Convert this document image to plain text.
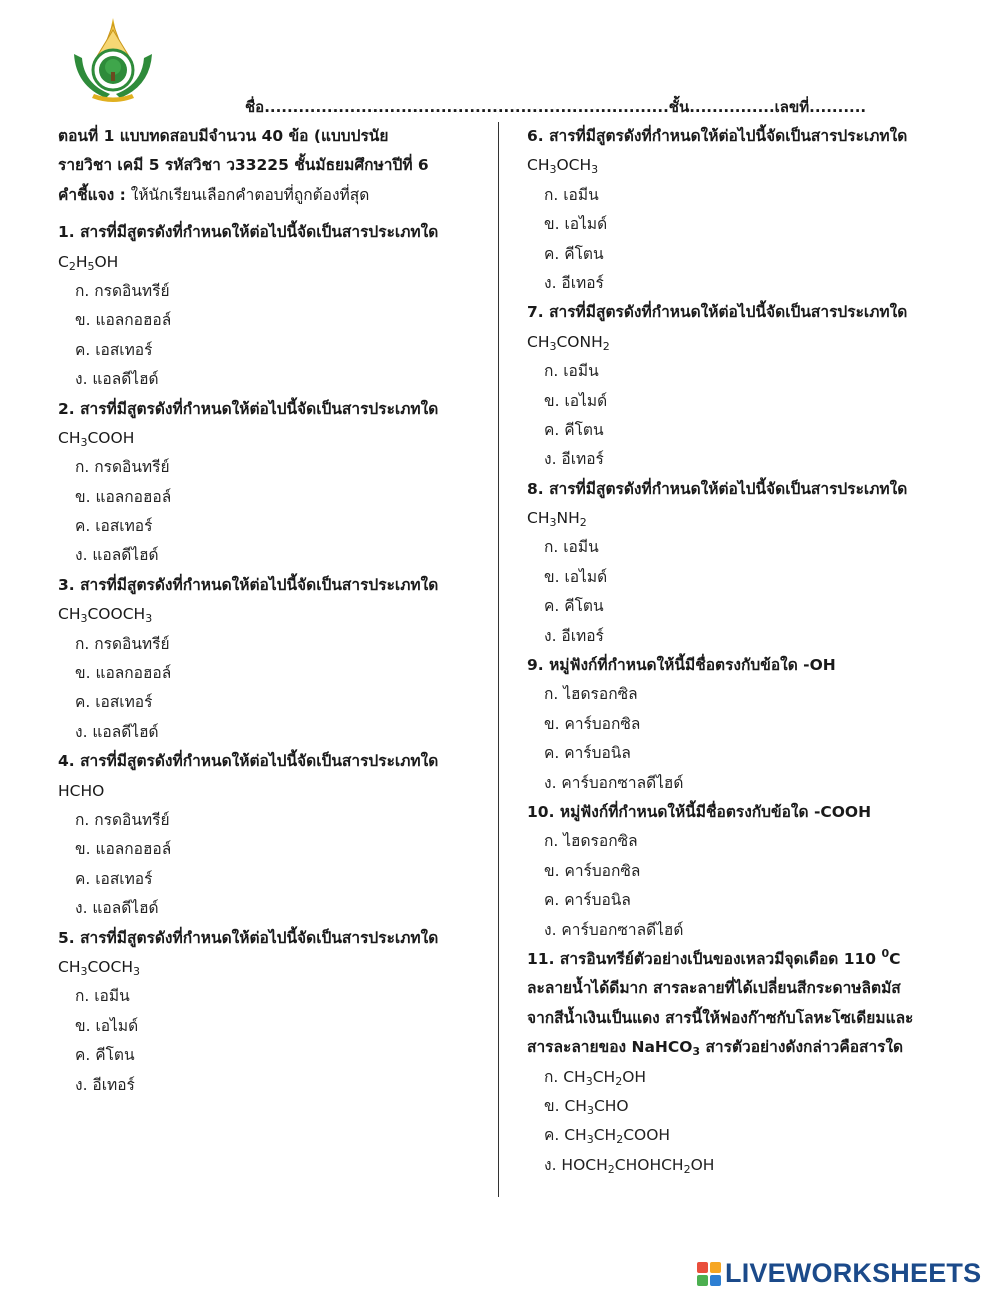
ชื่อ.......................................................................ชั้น...............เลขที่..........
ตอนที่ 1 แบบทดสอบมีจำนวน 40 ข้อ (แบบปรนัย
รายวิชา เคมี 5 รหัสวิชา ว33225 ชั้นมัธยมศึกษาปีที่ 6
คำชี้แจง : ให้นักเรียนเลือกคำตอบที่ถูกต้องที่สุด
1. สารที่มีสูตรดังที่กำหนดให้ต่อไปนี้จัดเป็นสารประเภทใด
$C_2H_5OH$
ก. กรดอินทรีย์
ข. แอลกอฮอล์
ค. เอสเทอร์
ง. แอลดีไฮด์
2. สารที่มีสูตรดังที่กำหนดให้ต่อไปนี้จัดเป็นสารประเภทใด
$CH_3COOH$
ก. กรดอินทรีย์
ข. แอลกอฮอล์
ค. เอสเทอร์
ง. แอลดีไฮด์
3. สารที่มีสูตรดังที่กำหนดให้ต่อไปนี้จัดเป็นสารประเภทใด
$CH_3COOCH_3$
ก. กรดอินทรีย์
ข. แอลกอฮอล์
ค. เอสเทอร์
ง. แอลดีไฮด์
4. สารที่มีสูตรดังที่กำหนดให้ต่อไปนี้จัดเป็นสารประเภทใด
HCHO
ก. กรดอินทรีย์
ข. แอลกอฮอล์
ค. เอสเทอร์
ง. แอลดีไฮด์
5. สารที่มีสูตรดังที่กำหนดให้ต่อไปนี้จัดเป็นสารประเภทใด
$CH_3COCH_3$
ก. เอมีน
ข. เอไมด์
ค. คีโตน
ง. อีเทอร์
6. สารที่มีสูตรดังที่กำหนดให้ต่อไปนี้จัดเป็นสารประเภทใด
$CH_3OCH_3$
ก. เอมีน
ข. เอไมด์
ค. คีโตน
ง. อีเทอร์
7. สารที่มีสูตรดังที่กำหนดให้ต่อไปนี้จัดเป็นสารประเภทใด
$CH_3CONH_2$
ก. เอมีน
ข. เอไมด์
ค. คีโตน
ง. อีเทอร์
8. สารที่มีสูตรดังที่กำหนดให้ต่อไปนี้จัดเป็นสารประเภทใด
$CH_3NH_2$
ก. เอมีน
ข. เอไมด์
ค. คีโตน
ง. อีเทอร์
9. หมู่ฟังก์ที่กำหนดให้นี้มีชื่อตรงกับข้อใด -OH
ก. ไฮดรอกซิล
ข. คาร์บอกซิล
ค. คาร์บอนิล
ง. คาร์บอกซาลดีไฮด์
10. หมู่ฟังก์ที่กำหนดให้นี้มีชื่อตรงกับข้อใด -COOH
ก. ไฮดรอกซิล
ข. คาร์บอกซิล
ค. คาร์บอนิล
ง. คาร์บอกซาลดีไฮด์
11. สารอินทรีย์ตัวอย่างเป็นของเหลวมีจุดเดือด 110 $^0$C
ละลายน้ำได้ดีมาก สารละลายที่ได้เปลี่ยนสีกระดาษลิตมัส
จากสีน้ำเงินเป็นแดง สารนี้ให้ฟองก๊าซกับโลหะโซเดียมและ
สารละลายของ NaHCO$_3$ สารตัวอย่างดังกล่าวคือสารใด
ก. $CH_3CH_2OH$
ข. $CH_3CHO$
ค. $CH_3CH_2COOH$
ง. $HOCH_2CHOHCH_2OH$
LIVEWORKSHEETS
